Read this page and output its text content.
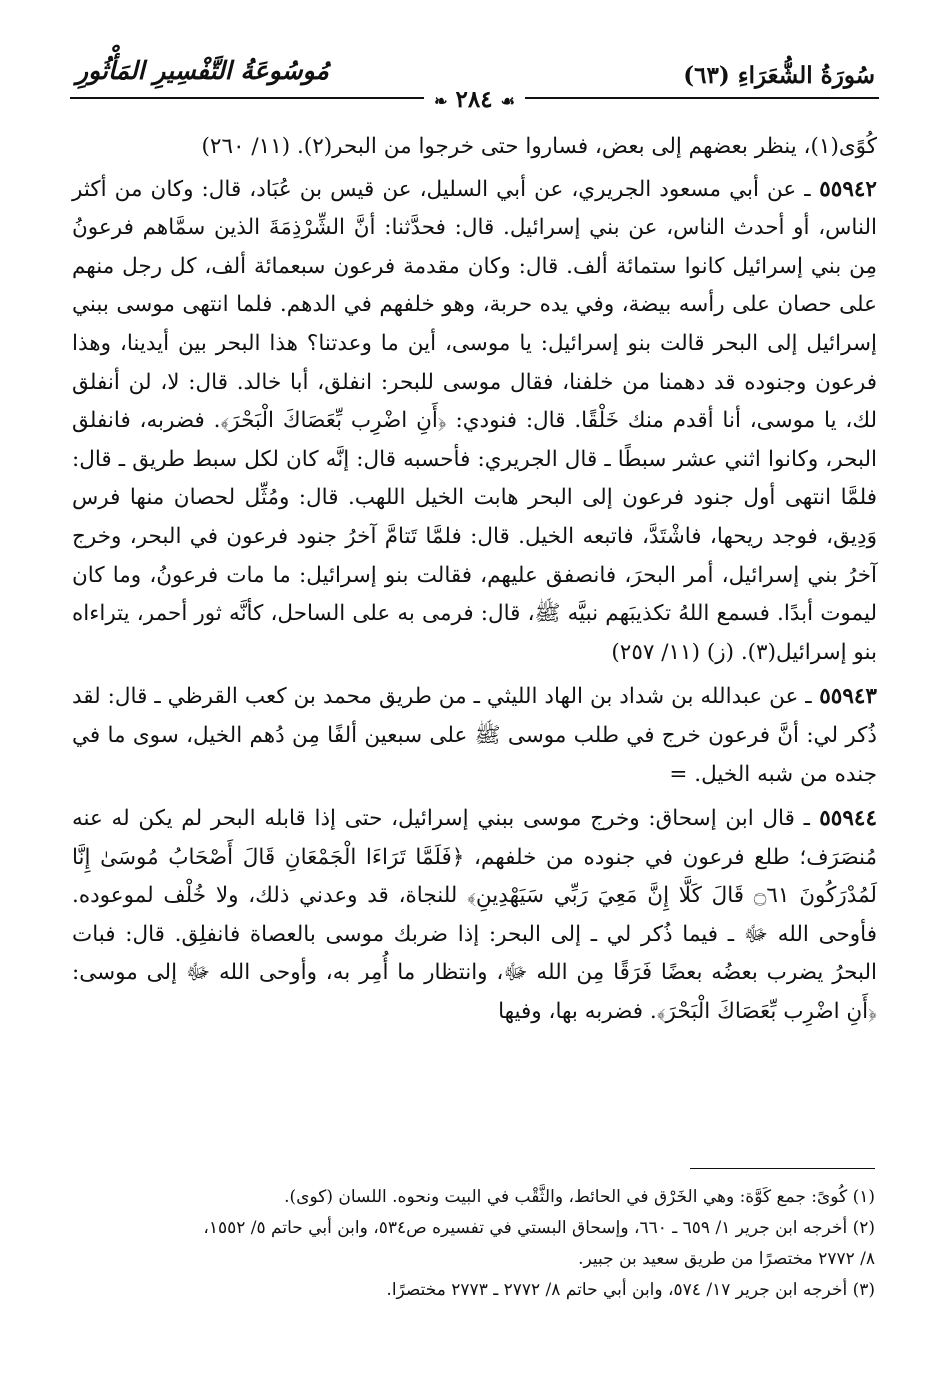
سُورَةُ الشُّعَرَاءِ (٦٣)
مُوسُوعَةُ التَّفْسِيرِ المَأْثُورِ
☙ ٢٨٤ ❧

كُوًى(١)، ينظر بعضهم إلى بعض، فساروا حتى خرجوا من البحر(٢). (١١/ ٢٦٠)

٥٥٩٤٢ ـ عن أبي مسعود الجريري، عن أبي السليل، عن قيس بن عُبَاد، قال: وكان من أكثر الناس، أو أحدث الناس، عن بني إسرائيل. قال: فحدَّثنا: أنَّ الشِّرْذِمَةَ الذين سمَّاهم فرعونُ مِن بني إسرائيل كانوا ستمائة ألف. قال: وكان مقدمة فرعون سبعمائة ألف، كل رجل منهم على حصان على رأسه بيضة، وفي يده حربة، وهو خلفهم في الدهم. فلما انتهى موسى ببني إسرائيل إلى البحر قالت بنو إسرائيل: يا موسى، أين ما وعدتنا؟ هذا البحر بين أيدينا، وهذا فرعون وجنوده قد دهمنا من خلفنا، فقال موسى للبحر: انفلق، أبا خالد. قال: لا، لن أنفلق لك، يا موسى، أنا أقدم منك خَلْقًا. قال: فنودي: ﴿أَنِ اضْرِب بِّعَصَاكَ الْبَحْرَ﴾. فضربه، فانفلق البحر، وكانوا اثني عشر سبطًا ـ قال الجريري: فأحسبه قال: إنَّه كان لكل سبط طريق ـ قال: فلمَّا انتهى أول جنود فرعون إلى البحر هابت الخيل اللهب. قال: ومُثِّل لحصان منها فرس وَدِيق، فوجد ريحها، فاشْتَدَّ، فاتبعه الخيل. قال: فلمَّا تَتامَّ آخرُ جنود فرعون في البحر، وخرج آخرُ بني إسرائيل، أمر البحرَ، فانصفق عليهم، فقالت بنو إسرائيل: ما مات فرعونُ، وما كان ليموت أبدًا. فسمع اللهُ تكذيبَهم نبيَّه ﷺ، قال: فرمى به على الساحل، كأنَّه ثور أحمر، يتراءاه بنو إسرائيل(٣). (ز) (١١/ ٢٥٧)

٥٥٩٤٣ ـ عن عبدالله بن شداد بن الهاد الليثي ـ من طريق محمد بن كعب القرظي ـ قال: لقد ذُكر لي: أنَّ فرعون خرج في طلب موسى ﷺ على سبعين ألفًا مِن دُهم الخيل، سوى ما في جنده من شبه الخيل. =

٥٥٩٤٤ ـ قال ابن إسحاق: وخرج موسى ببني إسرائيل، حتى إذا قابله البحر لم يكن له عنه مُنصَرَف؛ طلع فرعون في جنوده من خلفهم، ﴿فَلَمَّا تَرَاءَا الْجَمْعَانِ قَالَ أَصْحَابُ مُوسَىٰ إِنَّا لَمُدْرَكُونَ ۝٦١ قَالَ كَلَّا إِنَّ مَعِيَ رَبِّي سَيَهْدِينِ﴾ للنجاة، قد وعدني ذلك، ولا خُلْف لموعوده. فأوحى الله ﷻ ـ فيما ذُكر لي ـ إلى البحر: إذا ضربك موسى بالعصاة فانفلِق. قال: فبات البحرُ يضرب بعضُه بعضًا فَرَقًا مِن الله ﷻ، وانتظار ما أُمِر به، وأوحى الله ﷻ إلى موسى: ﴿أَنِ اضْرِب بِّعَصَاكَ الْبَحْرَ﴾. فضربه بها، وفيها

(١) كُوىً: جمع كَوَّة: وهي الخَرْق في الحائط، والثَّقْب في البيت ونحوه. اللسان (كوى).

(٢) أخرجه ابن جرير ١/ ٦٥٩ ـ ٦٦٠، وإسحاق البستي في تفسيره ص٥٣٤، وابن أبي حاتم ٥/ ١٥٥٢،

٨/ ٢٧٧٢ مختصرًا من طريق سعيد بن جبير.

(٣) أخرجه ابن جرير ١٧/ ٥٧٤، وابن أبي حاتم ٨/ ٢٧٧٢ ـ ٢٧٧٣ مختصرًا.
